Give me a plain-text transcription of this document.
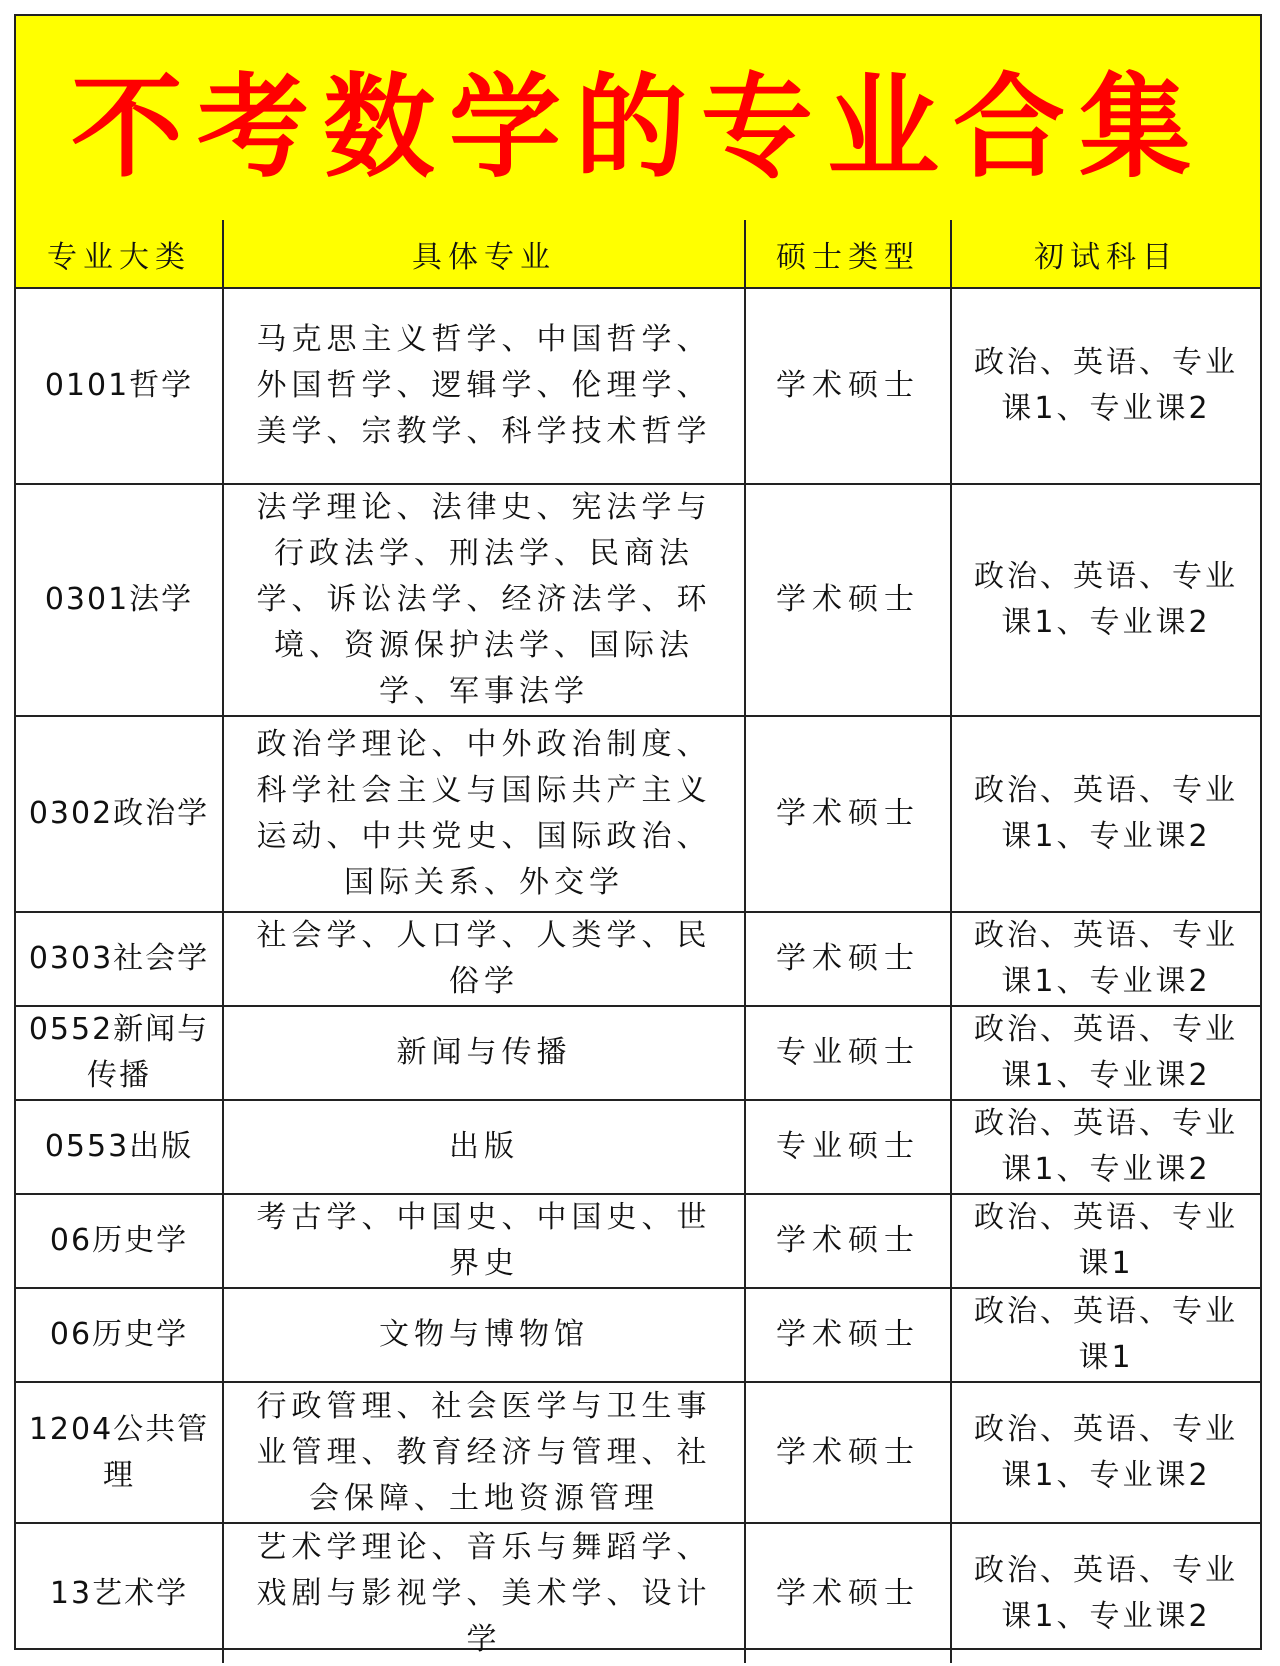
不考数学的专业合集
专业大类	具体专业	硕士类型	初试科目
0101哲学	马克思主义哲学、中国哲学、外国哲学、逻辑学、伦理学、美学、宗教学、科学技术哲学	学术硕士	政治、英语、专业课1、专业课2
0301法学	法学理论、法律史、宪法学与行政法学、刑法学、民商法学、诉讼法学、经济法学、环境、资源保护法学、国际法学、军事法学	学术硕士	政治、英语、专业课1、专业课2
0302政治学	政治学理论、中外政治制度、科学社会主义与国际共产主义运动、中共党史、国际政治、国际关系、外交学	学术硕士	政治、英语、专业课1、专业课2
0303社会学	社会学、人口学、人类学、民俗学	学术硕士	政治、英语、专业课1、专业课2
0552新闻与传播	新闻与传播	专业硕士	政治、英语、专业课1、专业课2
0553出版	出版	专业硕士	政治、英语、专业课1、专业课2
06历史学	考古学、中国史、中国史、世界史	学术硕士	政治、英语、专业课1
06历史学	文物与博物馆	学术硕士	政治、英语、专业课1
1204公共管理	行政管理、社会医学与卫生事业管理、教育经济与管理、社会保障、土地资源管理	学术硕士	政治、英语、专业课1、专业课2
13艺术学	艺术学理论、音乐与舞蹈学、戏剧与影视学、美术学、设计学	学术硕士	政治、英语、专业课1、专业课2
